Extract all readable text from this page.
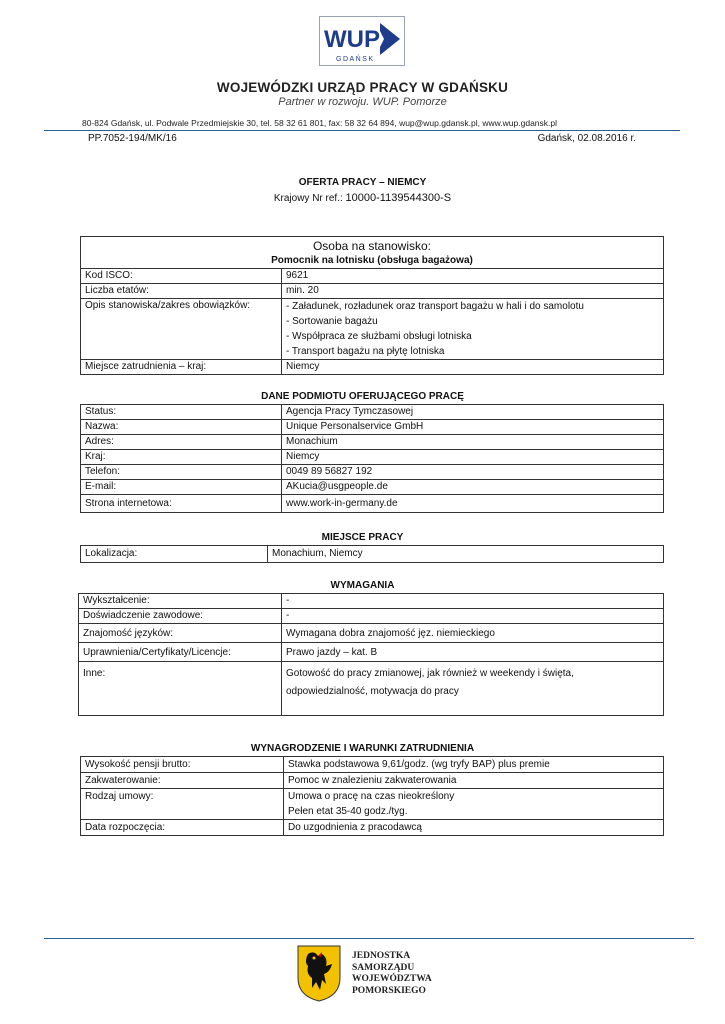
WUP
GDAŃSK
WOJEWÓDZKI URZĄD PRACY W GDAŃSKU
Partner w rozwoju. WUP. Pomorze
80-824 Gdańsk, ul. Podwale Przedmiejskie 30, tel. 58 32 61 801, fax: 58 32 64 894, wup@wup.gdansk.pl, www.wup.gdansk.pl
PP.7052-194/MK/16	Gdańsk, 02.08.2016 r.
OFERTA PRACY – NIEMCY
Krajowy Nr ref.: 10000-1139544300-S
Osoba na stanowisko:	
Pomocnik na lotnisku (obsługa bagażowa)	
Kod ISCO:	9621
Liczba etatów:	min. 20
Opis stanowiska/zakres obowiązków:	- Załadunek, rozładunek oraz transport bagażu w hali i do samolotu
- Sortowanie bagażu
- Współpraca ze służbami obsługi lotniska
- Transport bagażu na płytę lotniska

Miejsce zatrudnienia – kraj:	Niemcy
DANE PODMIOTU OFERUJĄCEGO PRACĘ
Status:	Agencja Pracy Tymczasowej
Nazwa:	Unique Personalservice GmbH
Adres:	Monachium
Kraj:	Niemcy
Telefon:	0049 89 56827 192
E-mail:	AKucia@usgpeople.de
Strona internetowa:	www.work-in-germany.de
MIEJSCE PRACY
Lokalizacja:	Monachium, Niemcy
WYMAGANIA
Wykształcenie:	-
Doświadczenie zawodowe:	-
Znajomość języków:	Wymagana dobra znajomość jęz. niemieckiego
Uprawnienia/Certyfikaty/Licencje:	Prawo jazdy – kat. B
Inne:	Gotowość do pracy zmianowej, jak również w weekendy i święta,
odpowiedzialność, motywacja do pracy
WYNAGRODZENIE I WARUNKI ZATRUDNIENIA
Wysokość pensji brutto:	Stawka podstawowa 9,61/godz. (wg tryfy BAP) plus premie
Zakwaterowanie:	Pomoc w znalezieniu zakwaterowania
Rodzaj umowy:	Umowa o pracę na czas nieokreślony
Pełen etat 35-40 godz./tyg.

Data rozpoczęcia:	Do uzgodnienia z pracodawcą
JEDNOSTKA
SAMORZĄDU
WOJEWÓDZTWA
POMORSKIEGO
